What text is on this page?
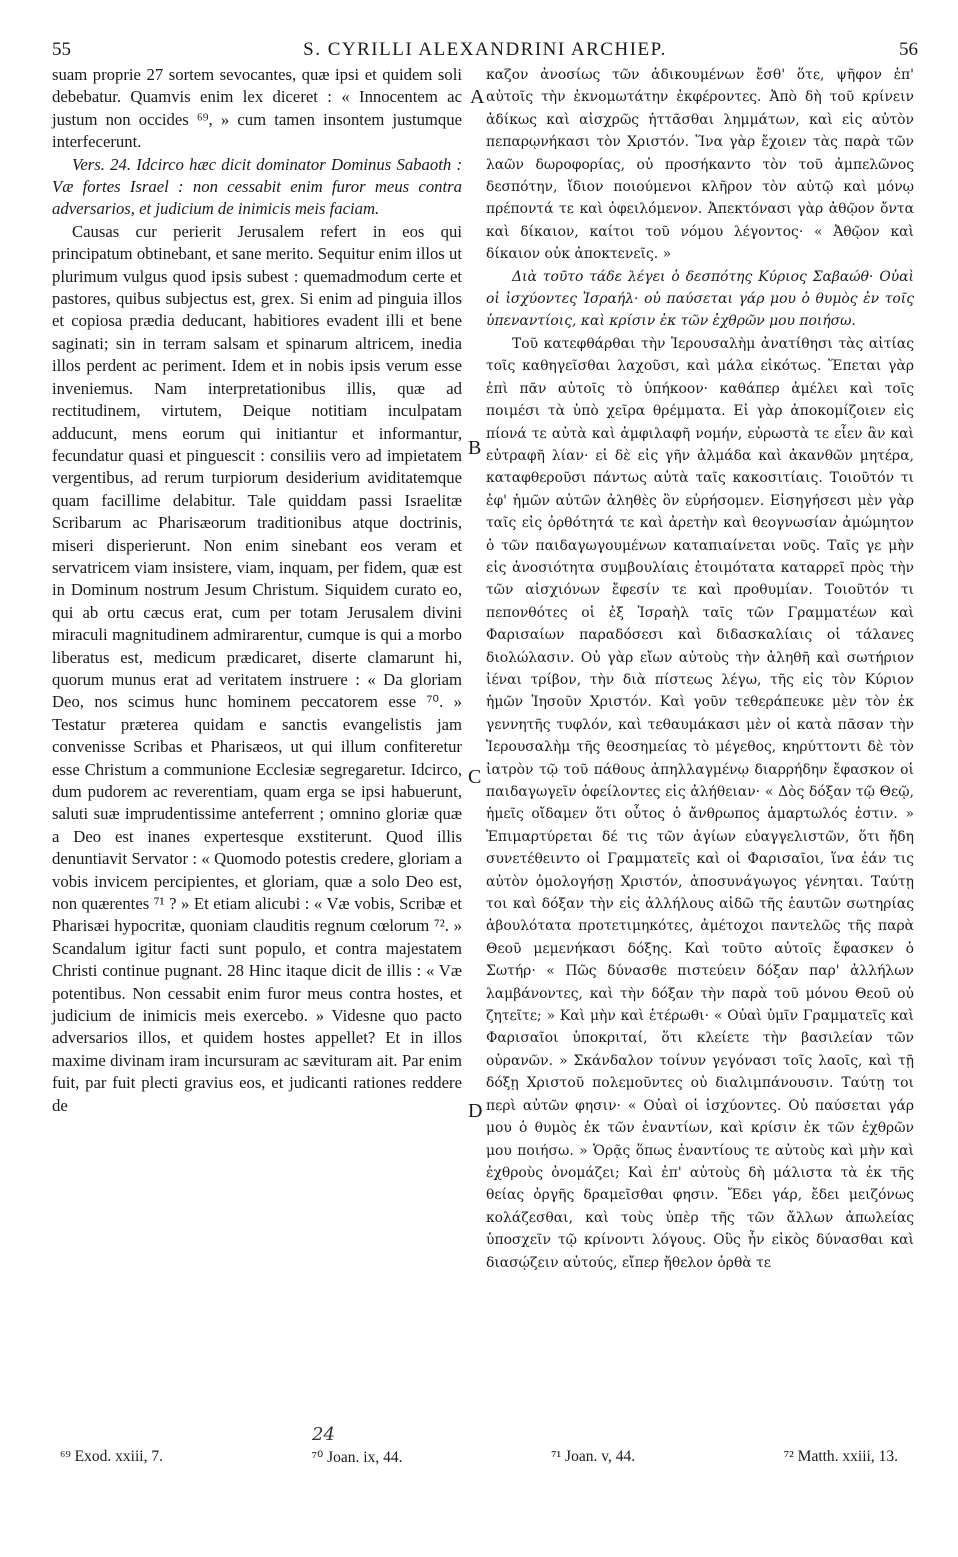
55	S. CYRILLI ALEXANDRINI ARCHIEP.	56

suam proprie 27 sortem sevocantes, quæ ipsi et quidem soli debebatur. Quamvis enim lex diceret : « Innocentem ac justum non occides ⁶⁹, » cum tamen insontem justumque interfecerunt.

Vers. 24. Idcirco hæc dicit dominator Dominus Sabaoth : Væ fortes Israel : non cessabit enim furor meus contra adversarios, et judicium de inimicis meis faciam.

Causas cur perierit Jerusalem refert in eos qui principatum obtinebant, et sane merito. Sequitur enim illos ut plurimum vulgus quod ipsis subest : quemadmodum certe et pastores, quibus subjectus est, grex. Si enim ad pinguia illos et copiosa prædia deducant, habitiores evadent illi et bene saginati; sin in terram salsam et spinarum altricem, inedia illos perdent ac periment. Idem et in nobis ipsis verum esse inveniemus. Nam interpretationibus illis, quæ ad rectitudinem, virtutem, Deique notitiam inculpatam adducunt, mens eorum qui initiantur et informantur, fecundatur quasi et pinguescit : consiliis vero ad impietatem vergentibus, ad rerum turpiorum desiderium aviditatemque quam facillime delabitur. Tale quiddam passi Israelitæ Scribarum ac Pharisæorum traditionibus atque doctrinis, miseri disperierunt. Non enim sinebant eos veram et servatricem viam insistere, viam, inquam, per fidem, quæ est in Dominum nostrum Jesum Christum. Siquidem curato eo, qui ab ortu cæcus erat, cum per totam Jerusalem divini miraculi magnitudinem admirarentur, cumque is qui a morbo liberatus est, medicum prædicaret, diserte clamarunt hi, quorum munus erat ad veritatem instruere : « Da gloriam Deo, nos scimus hunc hominem peccatorem esse ⁷⁰. » Testatur præterea quidam e sanctis evangelistis jam convenisse Scribas et Pharisæos, ut qui illum confiteretur esse Christum a communione Ecclesiæ segregaretur. Idcirco, dum pudorem ac reverentiam, quam erga se ipsi habuerunt, saluti suæ imprudentissime anteferrent ; omnino gloriæ quæ a Deo est inanes expertesque exstiterunt. Quod illis denuntiavit Servator : « Quomodo potestis credere, gloriam a vobis invicem percipientes, et gloriam, quæ a solo Deo est, non quærentes ⁷¹ ? » Et etiam alicubi : « Væ vobis, Scribæ et Pharisæi hypocritæ, quoniam clauditis regnum cœlorum ⁷². » Scandalum igitur facti sunt populo, et contra majestatem Christi continue pugnant. 28 Hinc itaque dicit de illis : « Væ potentibus. Non cessabit enim furor meus contra hostes, et judicium de inimicis meis exercebo. » Videsne quo pacto adversarios illos, et quidem hostes appellet? Et in illos maxime divinam iram incursuram ac sævituram ait. Par enim fuit, par fuit plecti gravius eos, et judicanti rationes reddere de

καζον ἀνοσίως τῶν ἀδικουμένων ἔσθ' ὅτε, ψῆφον ἐπ' αὐτοῖς τὴν ἐκνομωτάτην ἐκφέροντες. Ἀπὸ δὴ τοῦ κρίνειν ἀδίκως καὶ αἰσχρῶς ἡττᾶσθαι λημμάτων, καὶ εἰς αὐτὸν πεπαρῳνήκασι τὸν Χριστόν. Ἵνα γὰρ ἔχοιεν τὰς παρὰ τῶν λαῶν δωροφορίας, οὐ προσήκαντο τὸν τοῦ ἀμπελῶνος δεσπότην, ἴδιον ποιούμενοι κλῆρον τὸν αὐτῷ καὶ μόνῳ πρέποντά τε καὶ ὀφειλόμενον. Ἀπεκτόνασι γὰρ ἀθῷον ὄντα καὶ δίκαιον, καίτοι τοῦ νόμου λέγοντος· « Ἀθῷον καὶ δίκαιον οὐκ ἀποκτενεῖς. »

Διὰ τοῦτο τάδε λέγει ὁ δεσπότης Κύριος Σαβαώθ· Οὐαὶ οἱ ἰσχύοντες Ἰσραήλ· οὐ παύσεται γάρ μου ὁ θυμὸς ἐν τοῖς ὑπεναντίοις, καὶ κρίσιν ἐκ τῶν ἐχθρῶν μου ποιήσω.

Τοῦ κατεφθάρθαι τὴν Ἱερουσαλὴμ ἀνατίθησι τὰς αἰτίας τοῖς καθηγεῖσθαι λαχοῦσι, καὶ μάλα εἰκότως. Ἕπεται γὰρ ἐπὶ πᾶν αὐτοῖς τὸ ὑπήκοον· καθάπερ ἀμέλει καὶ τοῖς ποιμέσι τὰ ὑπὸ χεῖρα θρέμματα. Εἰ γὰρ ἀποκομίζοιεν εἰς πίονά τε αὐτὰ καὶ ἀμφιλαφῆ νομήν, εὐρωστὰ τε εἶεν ἂν καὶ εὐτραφῆ λίαν· εἰ δὲ εἰς γῆν ἁλμάδα καὶ ἀκανθῶν μητέρα, καταφθεροῦσι πάντως αὐτὰ ταῖς κακοσιτίαις. Τοιοῦτόν τι ἐφ' ἡμῶν αὐτῶν ἀληθὲς ὂν εὑρήσομεν. Εἰσηγήσεσι μὲν γὰρ ταῖς εἰς ὀρθότητά τε καὶ ἀρετὴν καὶ θεογνωσίαν ἀμώμητον ὁ τῶν παιδαγωγουμένων καταπιαίνεται νοῦς. Ταῖς γε μὴν εἰς ἀνοσιότητα συμβουλίαις ἑτοιμότατα καταρρεῖ πρὸς τὴν τῶν αἰσχιόνων ἔφεσίν τε καὶ προθυμίαν. Τοιοῦτόν τι πεπονθότες οἱ ἐξ Ἰσραὴλ ταῖς τῶν Γραμματέων καὶ Φαρισαίων παραδόσεσι καὶ διδασκαλίαις οἱ τάλανες διολώλασιν. Οὐ γὰρ εἴων αὐτοὺς τὴν ἀληθῆ καὶ σωτήριον ἰέναι τρίβον, τὴν διὰ πίστεως λέγω, τῆς εἰς τὸν Κύριον ἡμῶν Ἰησοῦν Χριστόν. Καὶ γοῦν τεθεράπευκε μὲν τὸν ἐκ γεννητῆς τυφλόν, καὶ τεθαυμάκασι μὲν οἱ κατὰ πᾶσαν τὴν Ἱερουσαλὴμ τῆς θεοσημείας τὸ μέγεθος, κηρύττοντι δὲ τὸν ἰατρὸν τῷ τοῦ πάθους ἀπηλλαγμένῳ διαρρήδην ἔφασκον οἱ παιδαγωγεῖν ὀφείλοντες εἰς ἀλήθειαν· « Δὸς δόξαν τῷ Θεῷ, ἡμεῖς οἴδαμεν ὅτι οὗτος ὁ ἄνθρωπος ἁμαρτωλός ἐστιν. » Ἐπιμαρτύρεται δέ τις τῶν ἁγίων εὐαγγελιστῶν, ὅτι ἤδη συνετέθειντο οἱ Γραμματεῖς καὶ οἱ Φαρισαῖοι, ἵνα ἐάν τις αὐτὸν ὁμολογήσῃ Χριστόν, ἀποσυνάγωγος γένηται. Ταύτῃ τοι καὶ δόξαν τὴν εἰς ἀλλήλους αἰδῶ τῆς ἑαυτῶν σωτηρίας ἀβουλότατα προτετιμηκότες, ἀμέτοχοι παντελῶς τῆς παρὰ Θεοῦ μεμενήκασι δόξης. Καὶ τοῦτο αὐτοῖς ἔφασκεν ὁ Σωτήρ· « Πῶς δύνασθε πιστεύειν δόξαν παρ' ἀλλήλων λαμβάνοντες, καὶ τὴν δόξαν τὴν παρὰ τοῦ μόνου Θεοῦ οὐ ζητεῖτε; » Καὶ μὴν καὶ ἑτέρωθι· « Οὐαὶ ὑμῖν Γραμματεῖς καὶ Φαρισαῖοι ὑποκριταί, ὅτι κλείετε τὴν βασιλείαν τῶν οὐρανῶν. » Σκάνδαλον τοίνυν γεγόνασι τοῖς λαοῖς, καὶ τῇ δόξῃ Χριστοῦ πολεμοῦντες οὐ διαλιμπάνουσιν. Ταύτῃ τοι περὶ αὐτῶν φησιν· « Οὐαὶ οἱ ἰσχύοντες. Οὐ παύσεται γάρ μου ὁ θυμὸς ἐκ τῶν ἐναντίων, καὶ κρίσιν ἐκ τῶν ἐχθρῶν μου ποιήσω. » Ὁρᾷς ὅπως ἐναντίους τε αὐτοὺς καὶ μὴν καὶ ἐχθροὺς ὀνομάζει; Καὶ ἐπ' αὐτοὺς δὴ μάλιστα τὰ ἐκ τῆς θείας ὀργῆς δραμεῖσθαι φησιν. Ἔδει γάρ, ἔδει μειζόνως κολάζεσθαι, καὶ τοὺς ὑπὲρ τῆς τῶν ἄλλων ἀπωλείας ὑποσχεῖν τῷ κρίνοντι λόγους. Οὓς ἦν εἰκὸς δύνασθαι καὶ διασῴζειν αὐτούς, εἴπερ ἤθελον ὀρθὰ τε

A
B
C
D
24
⁶⁹ Exod. xxiii, 7.	⁷⁰ Joan. ix, 44.	⁷¹ Joan. v, 44.	⁷² Matth. xxiii, 13.
